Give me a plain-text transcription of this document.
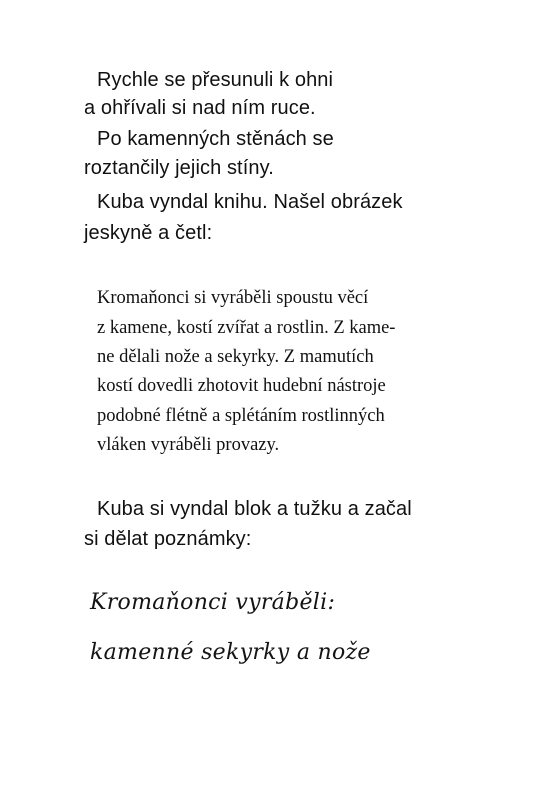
Rychle se přesunuli k ohni
a ohřívali si nad ním ruce.
Po kamenných stěnách se
roztančily jejich stíny.
Kuba vyndal knihu. Našel obrázek
jeskyně a četl:
Kromaňonci si vyráběli spoustu věcí
z kamene, kostí zvířat a rostlin. Z kame-
ne dělali nože a sekyrky. Z mamutích
kostí dovedli zhotovit hudební nástroje
podobné flétně a splétáním rostlinných
vláken vyráběli provazy.
Kuba si vyndal blok a tužku a začal
si dělat poznámky:
Kromaňonci vyráběli:
kamenné sekyrky a nože
